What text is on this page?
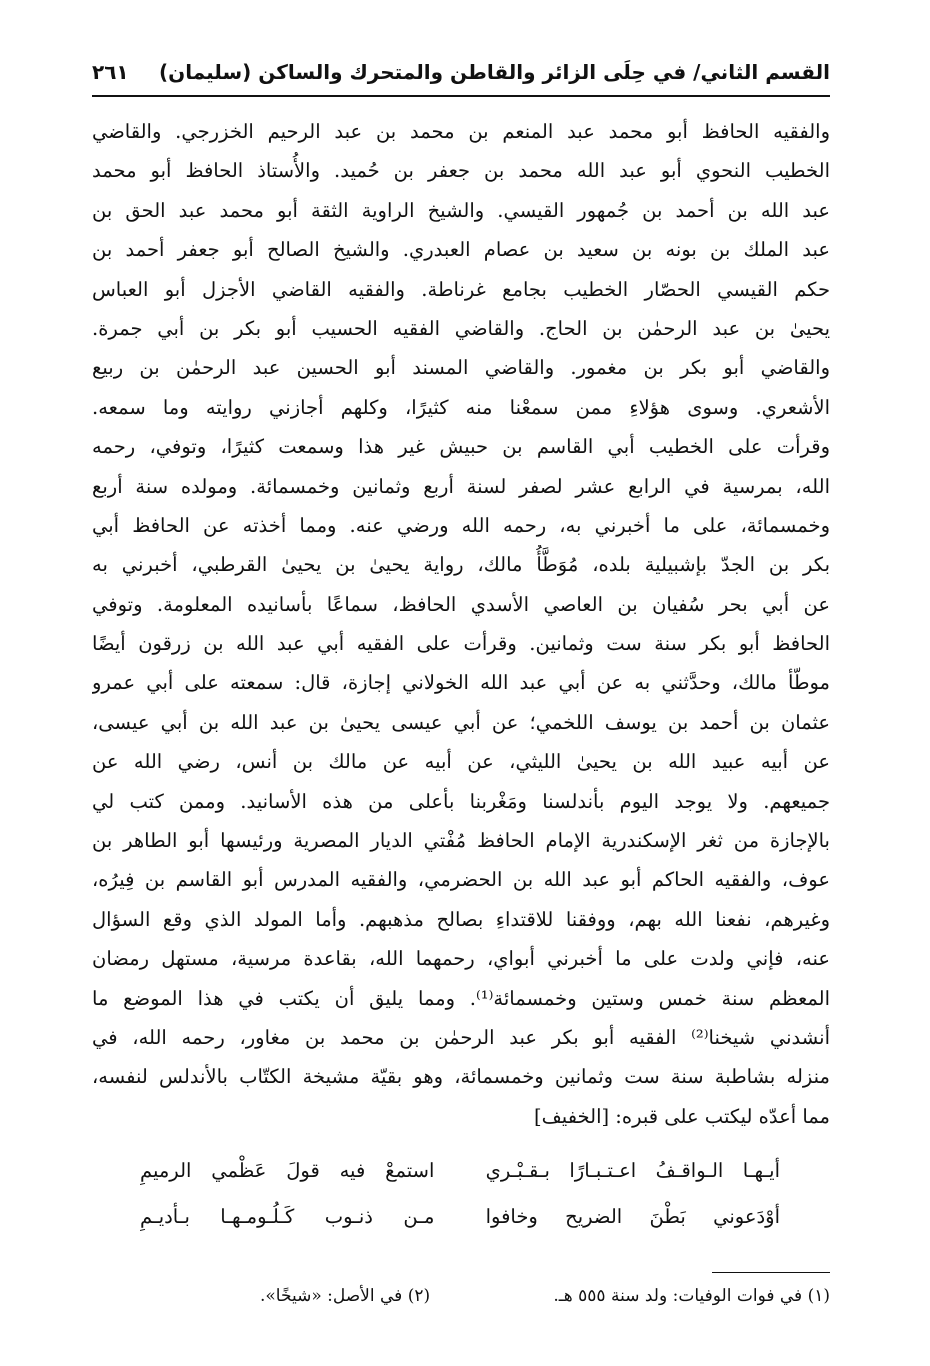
القسم الثاني/ في حِلَى الزائر والقاطن والمتحرك والساكن (سليمان)
٢٦١
والفقيه الحافظ أبو محمد عبد المنعم بن محمد بن عبد الرحيم الخزرجي. والقاضي
الخطيب النحوي أبو عبد الله محمد بن جعفر بن حُميد. والأُستاذ الحافظ أبو محمد
عبد الله بن أحمد بن جُمهور القيسي. والشيخ الراوية الثقة أبو محمد عبد الحق بن
عبد الملك بن بونه بن سعيد بن عصام العبدري. والشيخ الصالح أبو جعفر أحمد بن
حكم القيسي الحصّار الخطيب بجامع غرناطة. والفقيه القاضي الأجزل أبو العباس
يحيىٰ بن عبد الرحمٰن بن الحاج. والقاضي الفقيه الحسيب أبو بكر بن أبي جمرة.
والقاضي أبو بكر بن مغمور. والقاضي المسند أبو الحسين عبد الرحمٰن بن ربيع
الأشعري. وسوى هؤلاءِ ممن سمعْنا منه كثيرًا، وكلهم أجازني روايته وما سمعه.
وقرأت على الخطيب أبي القاسم بن حبيش غير هذا وسمعت كثيرًا، وتوفي، رحمه
الله، بمرسية في الرابع عشر لصفر لسنة أربع وثمانين وخمسمائة. ومولده سنة أربع
وخمسمائة، على ما أخبرني به، رحمه الله ورضي عنه. ومما أخذته عن الحافظ أبي
بكر بن الجدّ بإشبيلية بلده، مُوَطَّأُ مالك، رواية يحيىٰ بن يحيىٰ القرطبي، أخبرني به
عن أبي بحر سُفيان بن العاصي الأسدي الحافظ، سماعًا بأسانيده المعلومة. وتوفي
الحافظ أبو بكر سنة ست وثمانين. وقرأت على الفقيه أبي عبد الله بن زرقون أيضًا
موطّأ مالك، وحدَّثني به عن أبي عبد الله الخولاني إجازة، قال: سمعته على أبي عمرو
عثمان بن أحمد بن يوسف اللخمي؛ عن أبي عيسى يحيىٰ بن عبد الله بن أبي عيسى،
عن أبيه عبيد الله بن يحيىٰ الليثي، عن أبيه عن مالك بن أنس، رضي الله عن
جميعهم. ولا يوجد اليوم بأندلسنا ومَغْربنا بأعلى من هذه الأسانيد. وممن كتب لي
بالإجازة من ثغر الإسكندرية الإمام الحافظ مُفْتي الديار المصرية ورئيسها أبو الطاهر بن
عوف، والفقيه الحاكم أبو عبد الله بن الحضرمي، والفقيه المدرس أبو القاسم بن فِيرُه،
وغيرهم، نفعنا الله بهم، ووفقنا للاقتداءِ بصالح مذهبهم. وأما المولد الذي وقع السؤال
عنه، فإني ولدت على ما أخبرني أبواي، رحمهما الله، بقاعدة مرسية، مستهل رمضان
المعظم سنة خمس وستين وخمسمائة⁽¹⁾. ومما يليق أن يكتب في هذا الموضع ما
أنشدني شيخنا⁽²⁾ الفقيه أبو بكر عبد الرحمٰن بن محمد بن مغاور، رحمه الله، في
منزله بشاطبة سنة ست وثمانين وخمسمائة، وهو بقيّة مشيخة الكتّاب بالأندلس لنفسه،
مما أعدّه ليكتب على قبره: [الخفيف]
أيـهـا الـواقـفُ اعـتـبـارًا بـقـبْـري
استمعْ فيه قولَ عَظْمي الرميمِ
أوْدَعوني بَطْنَ الضريح وخافوا
مـن ذنـوب كَـلُـومـهـا بـأديـمِ
(١) في فوات الوفيات: ولد سنة ٥٥٥ هـ.
(٢) في الأصل: «شيخًا».
